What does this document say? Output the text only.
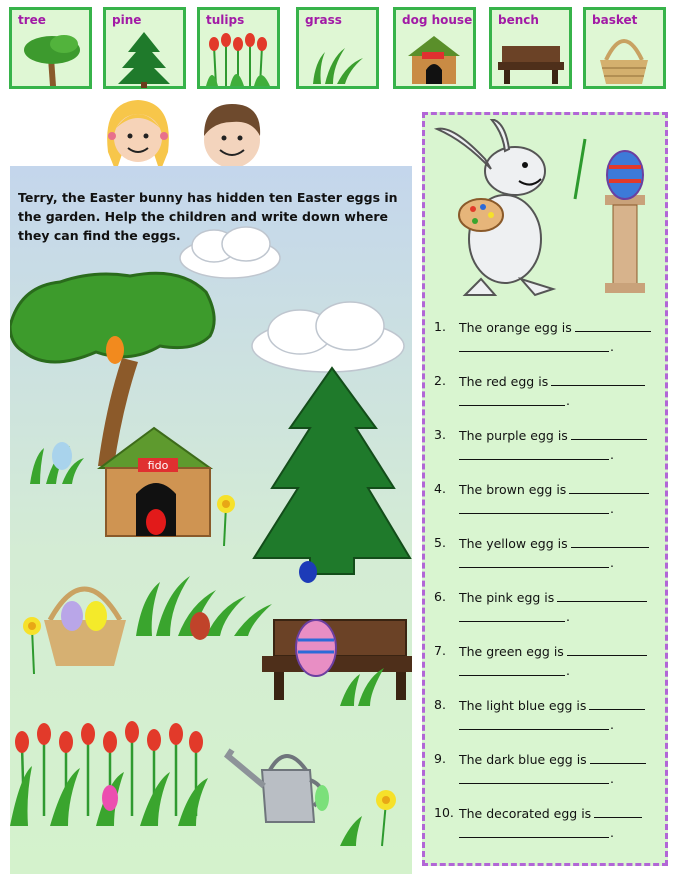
tree	pine	tulips	grass	dog house bench	basket

Terry, the Easter bunny has hidden ten Easter eggs in the garden. Help the children and write down where they can find the eggs.

fido
1. The orange egg is
.
2. The red egg is
.
3. The purple egg is
.
4. The brown egg is
.
5. The yellow egg is
.
6. The pink egg is
.
7. The green egg is
.
8. The light blue egg is
.
9. The dark blue egg is
.
10. The decorated egg is
.
